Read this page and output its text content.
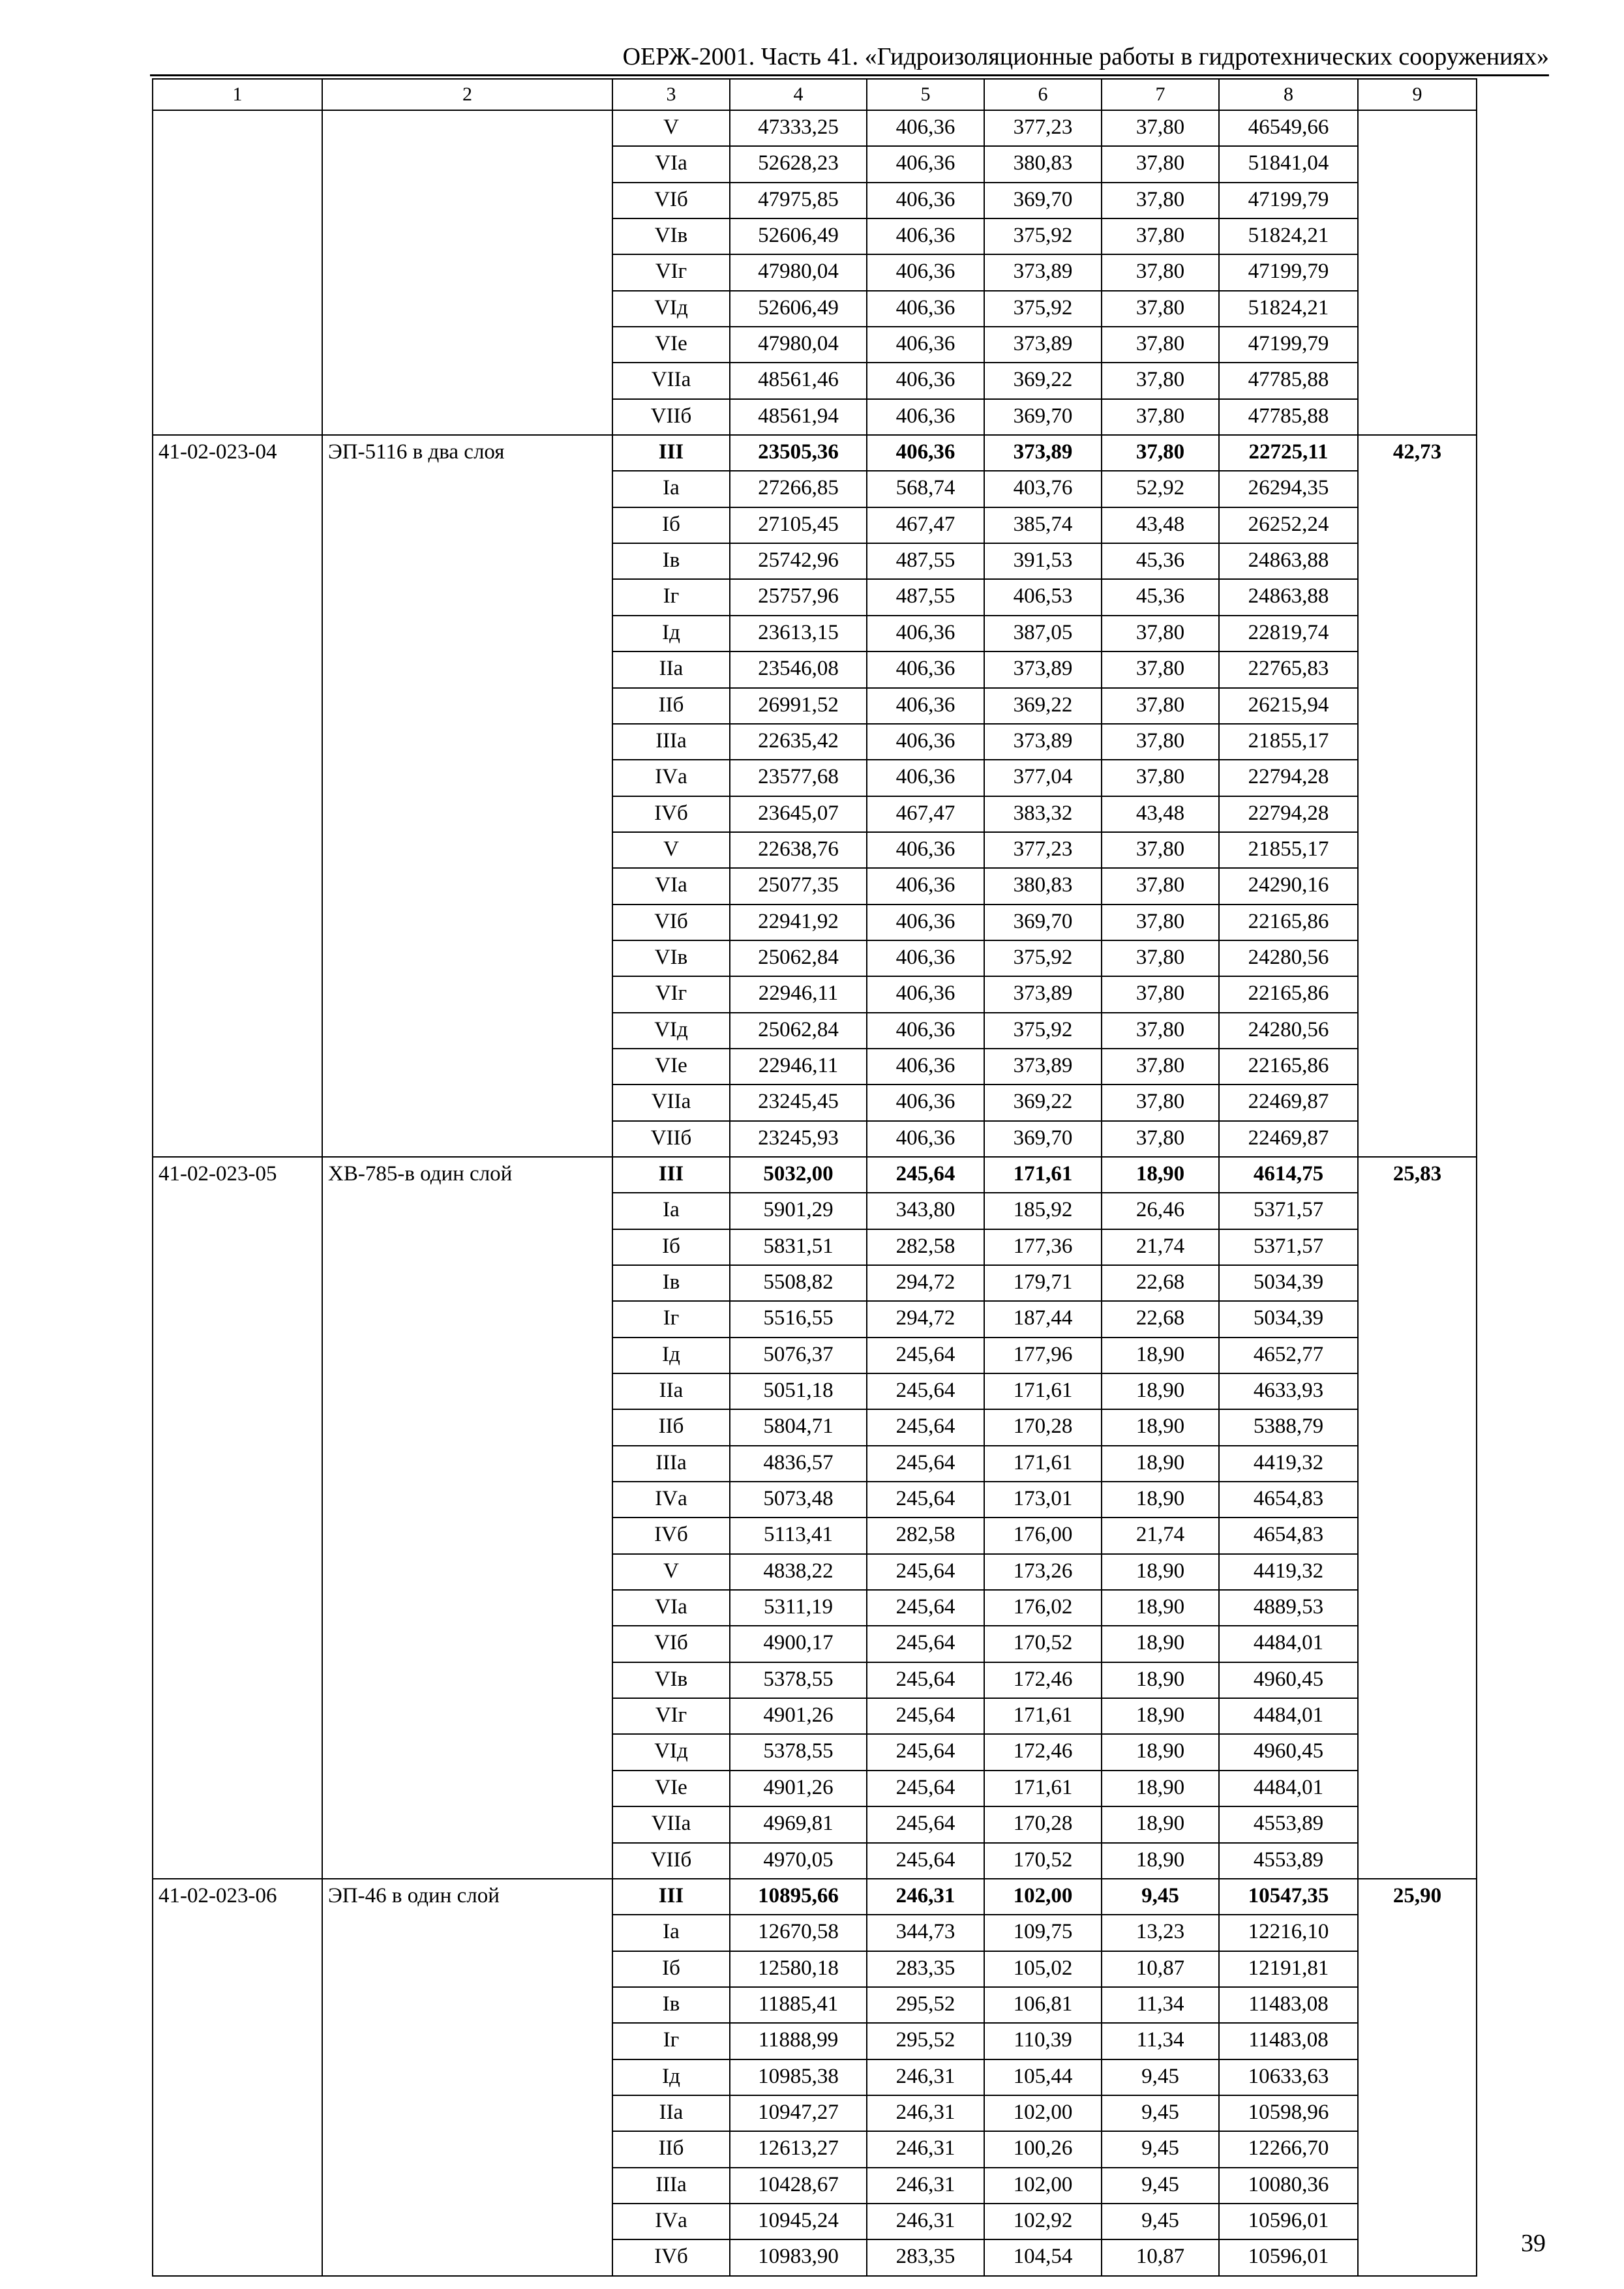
ОЕРЖ-2001. Часть 41. «Гидроизоляционные работы в гидротехнических сооружениях»
1	2	3	4	5	6	7	8	9
		V	47333,25	406,36	377,23	37,80	46549,66	
		VIа	52628,23	406,36	380,83	37,80	51841,04	
		VIб	47975,85	406,36	369,70	37,80	47199,79	
		VIв	52606,49	406,36	375,92	37,80	51824,21	
		VIг	47980,04	406,36	373,89	37,80	47199,79	
		VIд	52606,49	406,36	375,92	37,80	51824,21	
		VIе	47980,04	406,36	373,89	37,80	47199,79	
		VIIа	48561,46	406,36	369,22	37,80	47785,88	
		VIIб	48561,94	406,36	369,70	37,80	47785,88	
41-02-023-04	ЭП-5116 в два слоя	III	23505,36	406,36	373,89	37,80	22725,11	42,73
		Iа	27266,85	568,74	403,76	52,92	26294,35	
		Iб	27105,45	467,47	385,74	43,48	26252,24	
		Iв	25742,96	487,55	391,53	45,36	24863,88	
		Iг	25757,96	487,55	406,53	45,36	24863,88	
		Iд	23613,15	406,36	387,05	37,80	22819,74	
		IIа	23546,08	406,36	373,89	37,80	22765,83	
		IIб	26991,52	406,36	369,22	37,80	26215,94	
		IIIа	22635,42	406,36	373,89	37,80	21855,17	
		IVа	23577,68	406,36	377,04	37,80	22794,28	
		IVб	23645,07	467,47	383,32	43,48	22794,28	
		V	22638,76	406,36	377,23	37,80	21855,17	
		VIа	25077,35	406,36	380,83	37,80	24290,16	
		VIб	22941,92	406,36	369,70	37,80	22165,86	
		VIв	25062,84	406,36	375,92	37,80	24280,56	
		VIг	22946,11	406,36	373,89	37,80	22165,86	
		VIд	25062,84	406,36	375,92	37,80	24280,56	
		VIе	22946,11	406,36	373,89	37,80	22165,86	
		VIIа	23245,45	406,36	369,22	37,80	22469,87	
		VIIб	23245,93	406,36	369,70	37,80	22469,87	
41-02-023-05	ХВ-785-в один слой	III	5032,00	245,64	171,61	18,90	4614,75	25,83
		Iа	5901,29	343,80	185,92	26,46	5371,57	
		Iб	5831,51	282,58	177,36	21,74	5371,57	
		Iв	5508,82	294,72	179,71	22,68	5034,39	
		Iг	5516,55	294,72	187,44	22,68	5034,39	
		Iд	5076,37	245,64	177,96	18,90	4652,77	
		IIа	5051,18	245,64	171,61	18,90	4633,93	
		IIб	5804,71	245,64	170,28	18,90	5388,79	
		IIIа	4836,57	245,64	171,61	18,90	4419,32	
		IVа	5073,48	245,64	173,01	18,90	4654,83	
		IVб	5113,41	282,58	176,00	21,74	4654,83	
		V	4838,22	245,64	173,26	18,90	4419,32	
		VIа	5311,19	245,64	176,02	18,90	4889,53	
		VIб	4900,17	245,64	170,52	18,90	4484,01	
		VIв	5378,55	245,64	172,46	18,90	4960,45	
		VIг	4901,26	245,64	171,61	18,90	4484,01	
		VIд	5378,55	245,64	172,46	18,90	4960,45	
		VIе	4901,26	245,64	171,61	18,90	4484,01	
		VIIа	4969,81	245,64	170,28	18,90	4553,89	
		VIIб	4970,05	245,64	170,52	18,90	4553,89	
41-02-023-06	ЭП-46 в один слой	III	10895,66	246,31	102,00	9,45	10547,35	25,90
		Iа	12670,58	344,73	109,75	13,23	12216,10	
		Iб	12580,18	283,35	105,02	10,87	12191,81	
		Iв	11885,41	295,52	106,81	11,34	11483,08	
		Iг	11888,99	295,52	110,39	11,34	11483,08	
		Iд	10985,38	246,31	105,44	9,45	10633,63	
		IIа	10947,27	246,31	102,00	9,45	10598,96	
		IIб	12613,27	246,31	100,26	9,45	12266,70	
		IIIа	10428,67	246,31	102,00	9,45	10080,36	
		IVа	10945,24	246,31	102,92	9,45	10596,01	
		IVб	10983,90	283,35	104,54	10,87	10596,01		39
